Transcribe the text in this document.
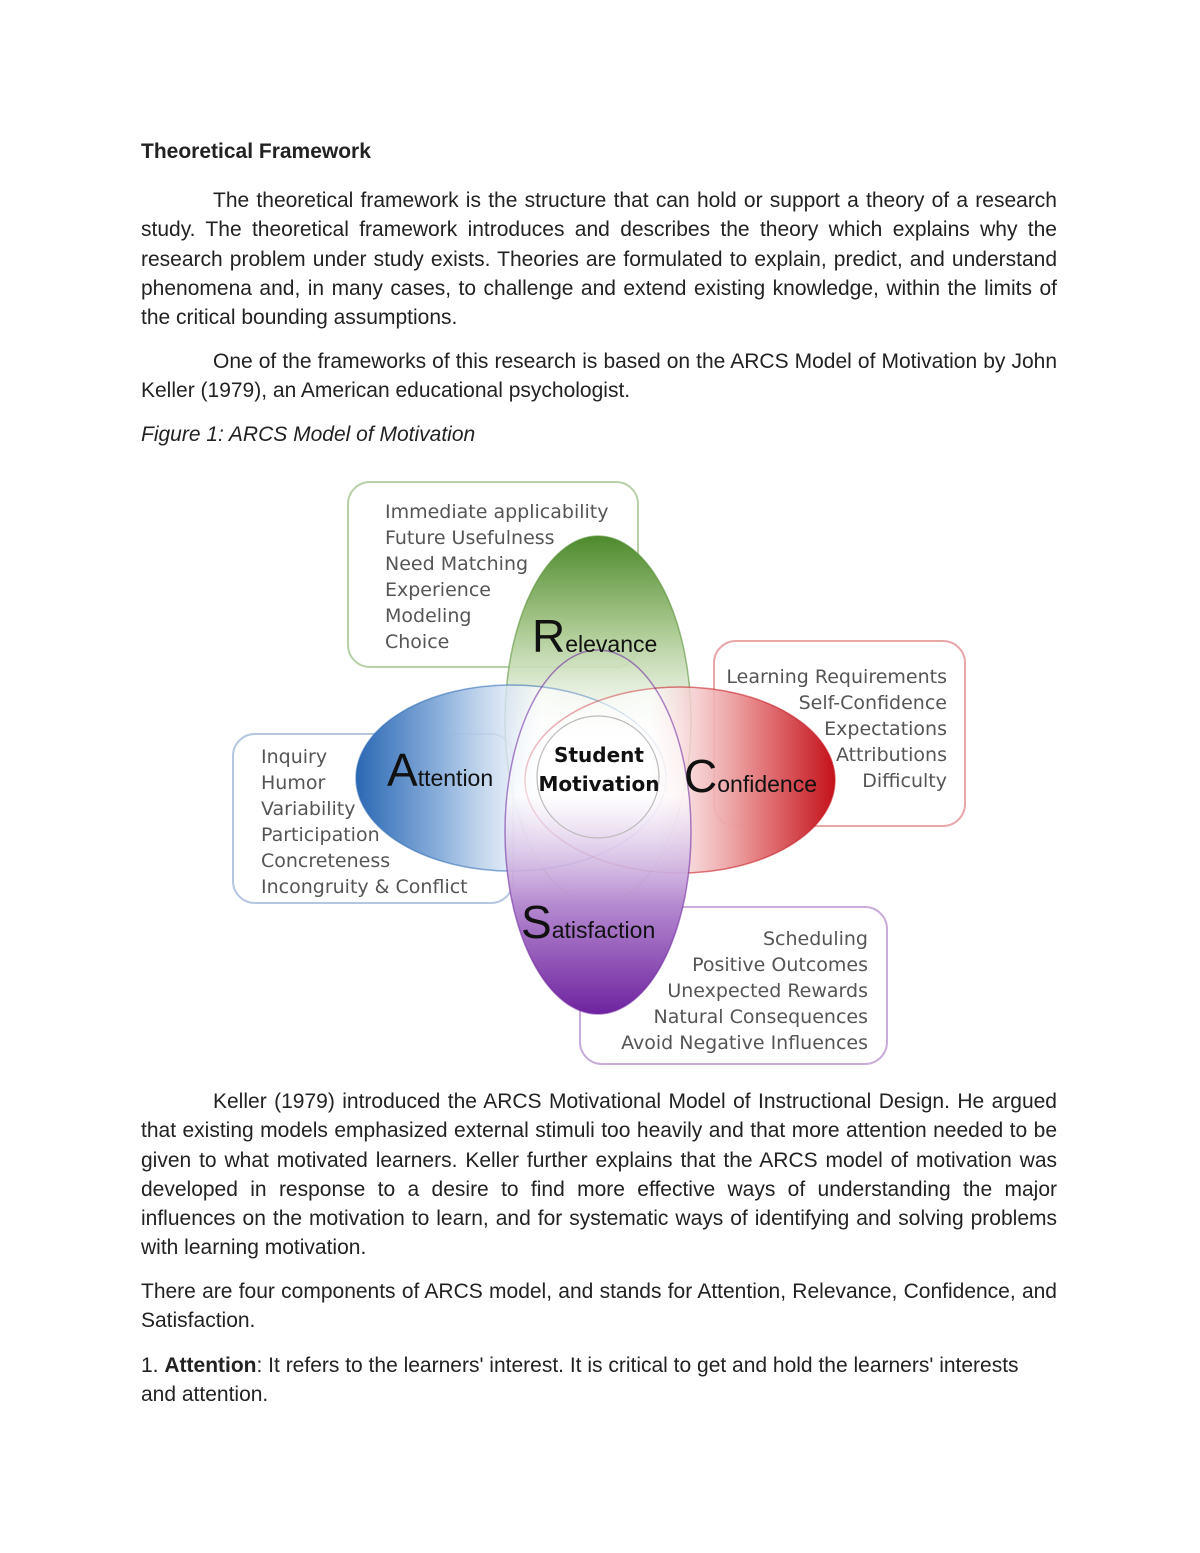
Theoretical Framework

The theoretical framework is the structure that can hold or support a theory of a research study. The theoretical framework introduces and describes the theory which explains why the research problem under study exists. Theories are formulated to explain, predict, and understand phenomena and, in many cases, to challenge and extend existing knowledge, within the limits of the critical bounding assumptions.

One of the frameworks of this research is based on the ARCS Model of Motivation by John Keller (1979), an American educational psychologist.

Figure 1: ARCS Model of Motivation

Immediate applicability
Future Usefulness
Need Matching
Experience
Modeling
Choice
Inquiry
Humor
Variability
Participation
Concreteness
Incongruity & Conflict
Learning Requirements
Self-Confidence
Expectations
Attributions
Difficulty
Scheduling
Positive Outcomes
Unexpected Rewards
Natural Consequences
Avoid Negative Influences
Relevance
Attention	Confidence
Satisfaction
Student
Motivation

Keller (1979) introduced the ARCS Motivational Model of Instructional Design. He argued that existing models emphasized external stimuli too heavily and that more attention needed to be given to what motivated learners. Keller further explains that the ARCS model of motivation was developed in response to a desire to find more effective ways of understanding the major influences on the motivation to learn, and for systematic ways of identifying and solving problems with learning motivation.

There are four components of ARCS model, and stands for Attention, Relevance, Confidence, and Satisfaction.

1. Attention: It refers to the learners' interest. It is critical to get and hold the learners' interests and attention.
